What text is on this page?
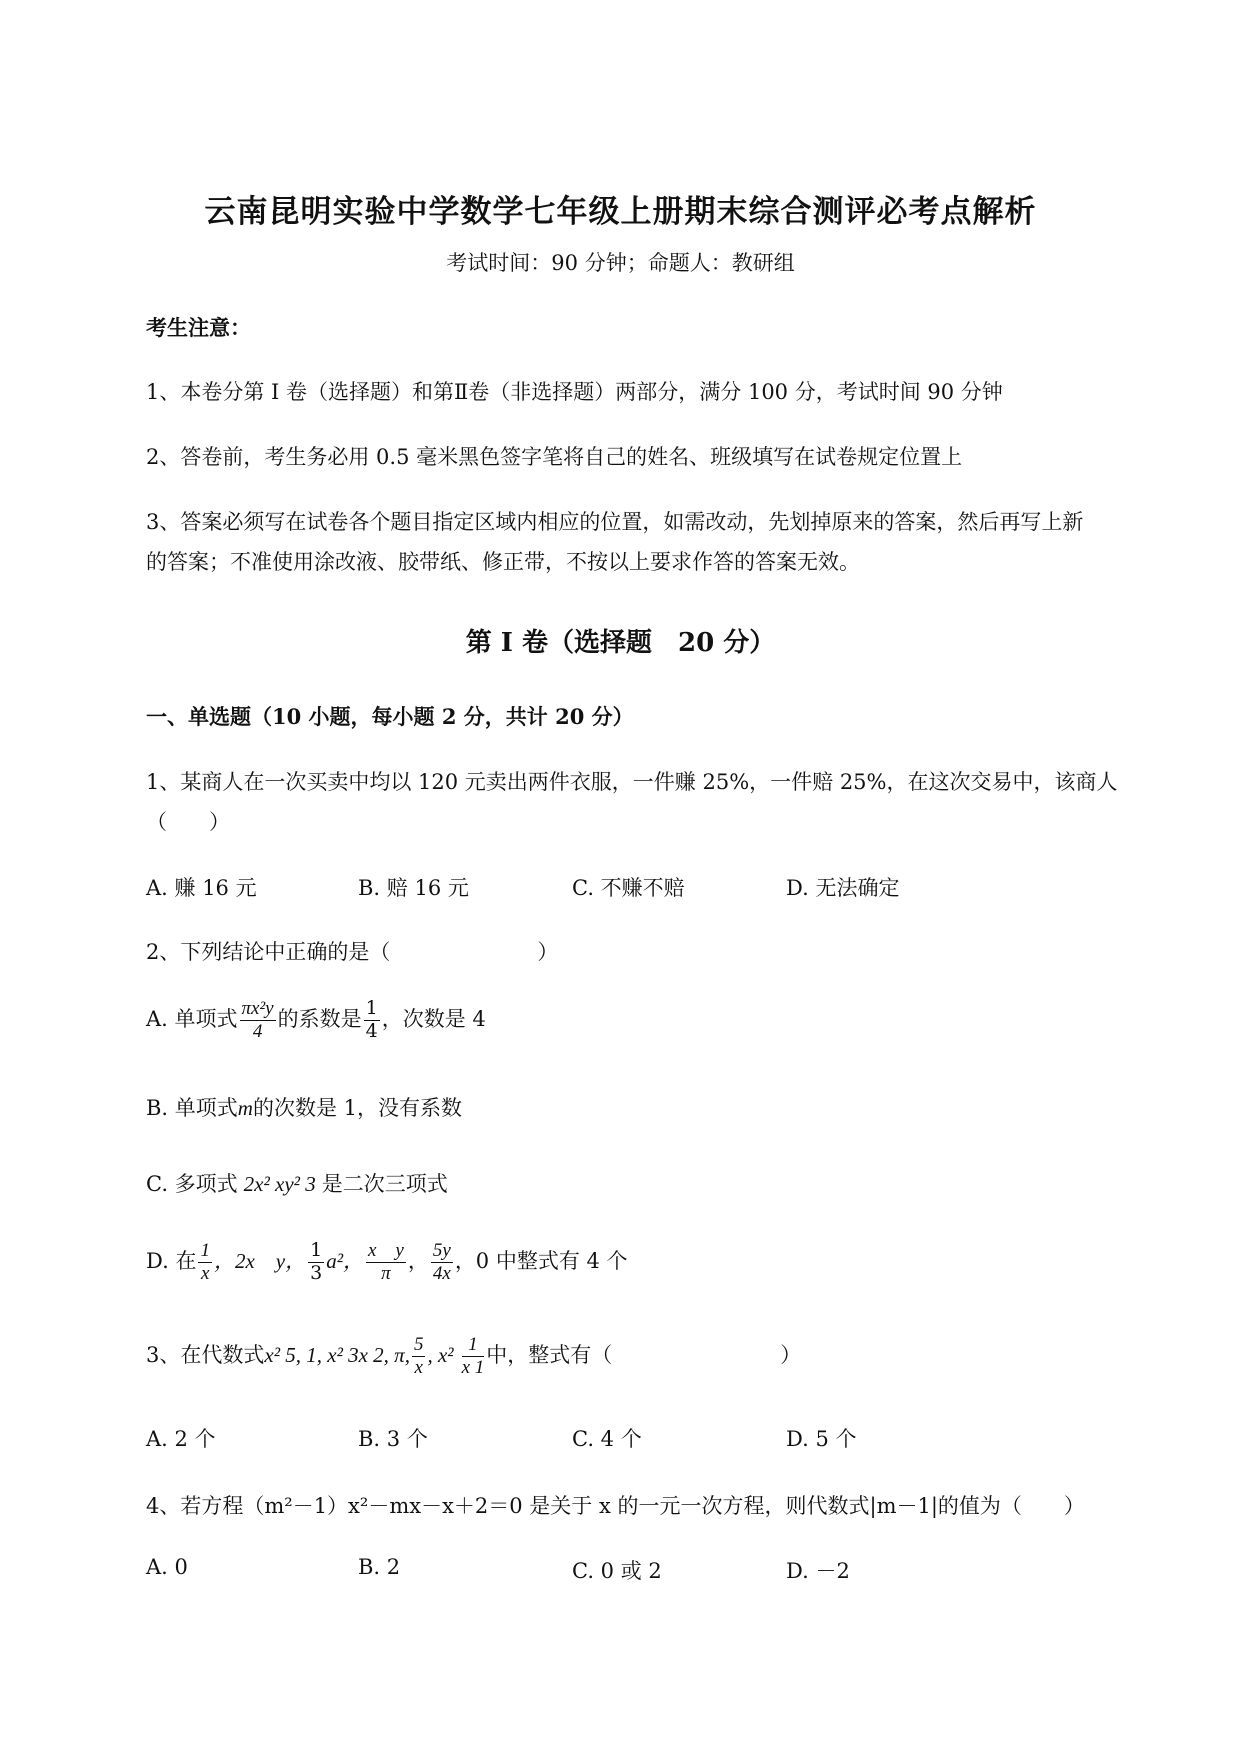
云南昆明实验中学数学七年级上册期末综合测评必考点解析
考试时间：90 分钟；命题人：教研组
考生注意：
1、本卷分第 I 卷（选择题）和第Ⅱ卷（非选择题）两部分，满分 100 分，考试时间 90 分钟
2、答卷前，考生务必用 0.5 毫米黑色签字笔将自己的姓名、班级填写在试卷规定位置上
3、答案必须写在试卷各个题目指定区域内相应的位置，如需改动，先划掉原来的答案，然后再写上新
的答案；不准使用涂改液、胶带纸、修正带，不按以上要求作答的答案无效。
第 I 卷（选择题　20 分）
一、单选题（10 小题，每小题 2 分，共计 20 分）
1、某商人在一次买卖中均以 120 元卖出两件衣服，一件赚 25%，一件赔 25%，在这次交易中，该商人
（　　）
A. 赚 16 元	B. 赔 16 元	C. 不赚不赔	D. 无法确定
2、下列结论中正确的是（　　　　　　　）
A. 单项式 $\frac{\text{πx²y}}{4}$ 的系数是 $\frac{1}{4}$ ，次数是 4
B. 单项式m的次数是 1，没有系数
C. 多项式 2x² xy² 3 是二次三项式
D. 在 $\frac{1}{x}$ ，2x　y， $\frac{1}{3} a^2$， $\frac{\text{x　y}}{\pi}$ ， $\frac{5y}{4x}$ ，0 中整式有 4 个
3、在代数式x² 5, 1, x² 3x 2, π, $\frac{5}{x}$ , $x^2 \frac{1}{x 1}$ 中，整式有（　　　　　　　　）
A. 2 个	B. 3 个	C. 4 个	D. 5 个
4、若方程（m²－1）x²－mx－x＋2＝0 是关于 x 的一元一次方程，则代数式|m－1|的值为（　　）
A. 0	B. 2	C. 0 或 2	D. －2
